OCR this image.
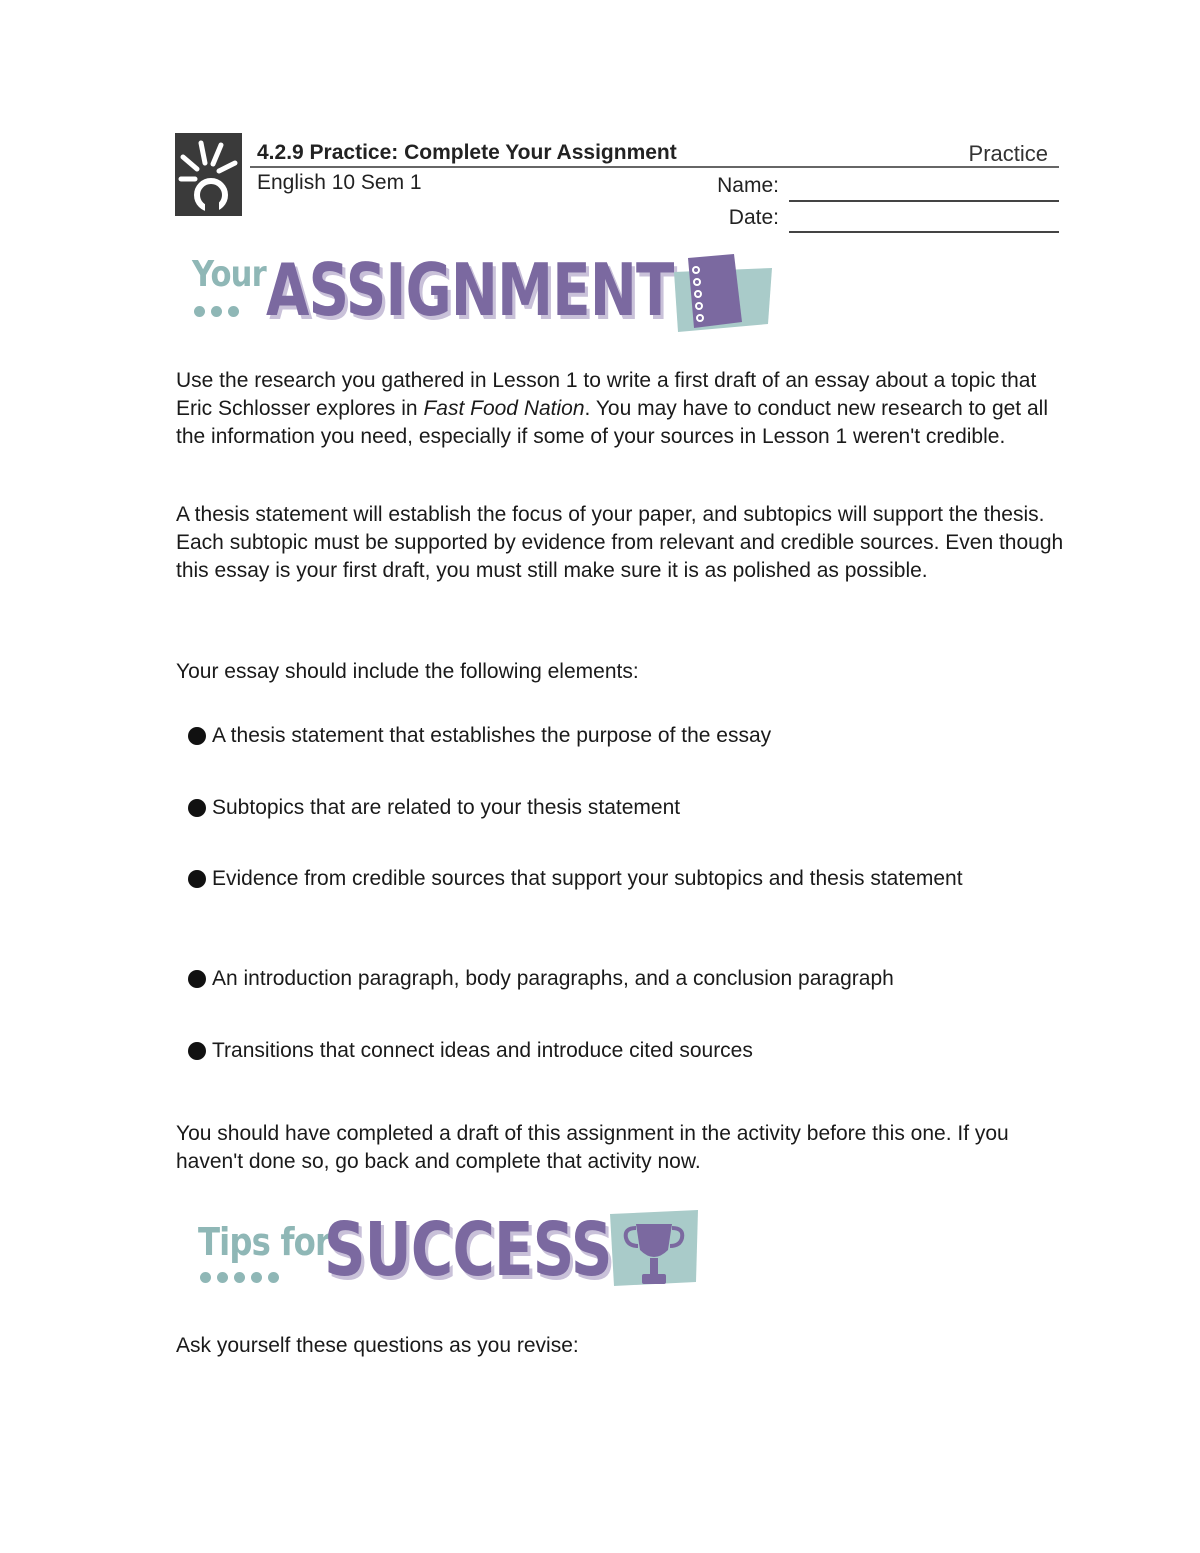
4.2.9 Practice: Complete Your Assignment	Practice
English 10 Sem 1	Name:
Date:
Your ASSIGNMENT
Use the research you gathered in Lesson 1 to write a first draft of an essay about a topic that Eric Schlosser explores in Fast Food Nation. You may have to conduct new research to get all the information you need, especially if some of your sources in Lesson 1 weren't credible.
A thesis statement will establish the focus of your paper, and subtopics will support the thesis. Each subtopic must be supported by evidence from relevant and credible sources. Even though this essay is your first draft, you must still make sure it is as polished as possible.
Your essay should include the following elements:
A thesis statement that establishes the purpose of the essay
Subtopics that are related to your thesis statement
Evidence from credible sources that support your subtopics and thesis statement
An introduction paragraph, body paragraphs, and a conclusion paragraph
Transitions that connect ideas and introduce cited sources
You should have completed a draft of this assignment in the activity before this one. If you haven't done so, go back and complete that activity now.
Tips for
SUCCESS
Ask yourself these questions as you revise:
